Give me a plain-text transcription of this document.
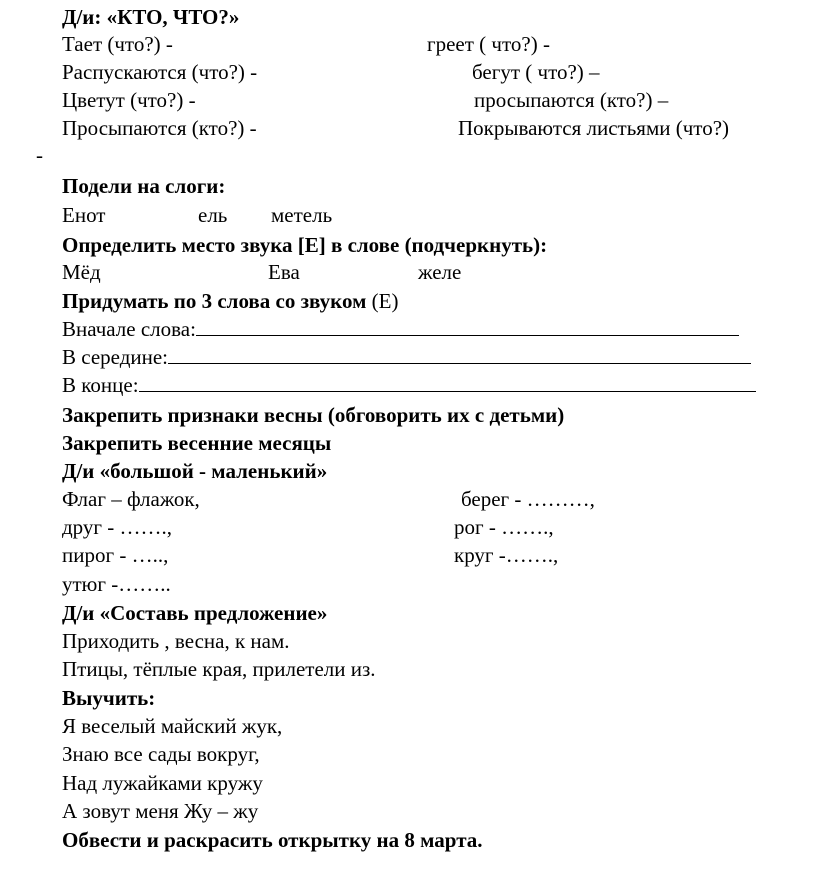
Д/и: «КТО, ЧТО?»
Тает (что?) -	греет ( что?) -
Распускаются (что?) -	бегут ( что?) –
Цветут (что?) -	просыпаются (кто?) –
Просыпаются (кто?) -	Покрываются листьями (что?)
-
Подели на слоги:
Енот	ель метель
Определить место звука [Е] в слове (подчеркнуть):
Мёд	Ева	желе
Придумать по 3 слова со звуком (Е)
Вначале слова:
В середине:
В конце:
Закрепить признаки весны (обговорить их с детьми)
Закрепить весенние месяцы
Д/и «большой - маленький»
Флаг – флажок,	берег - ………,
друг - …….,	рог - …….,
пирог - …..,	круг -…….,
утюг -……..
Д/и «Составь предложение»
Приходить , весна, к нам.
Птицы, тёплые края, прилетели из.
Выучить:
Я веселый майский жук,
Знаю все сады вокруг,
Над лужайками кружу
А зовут меня Жу – жу
Обвести и раскрасить открытку на 8 марта.
